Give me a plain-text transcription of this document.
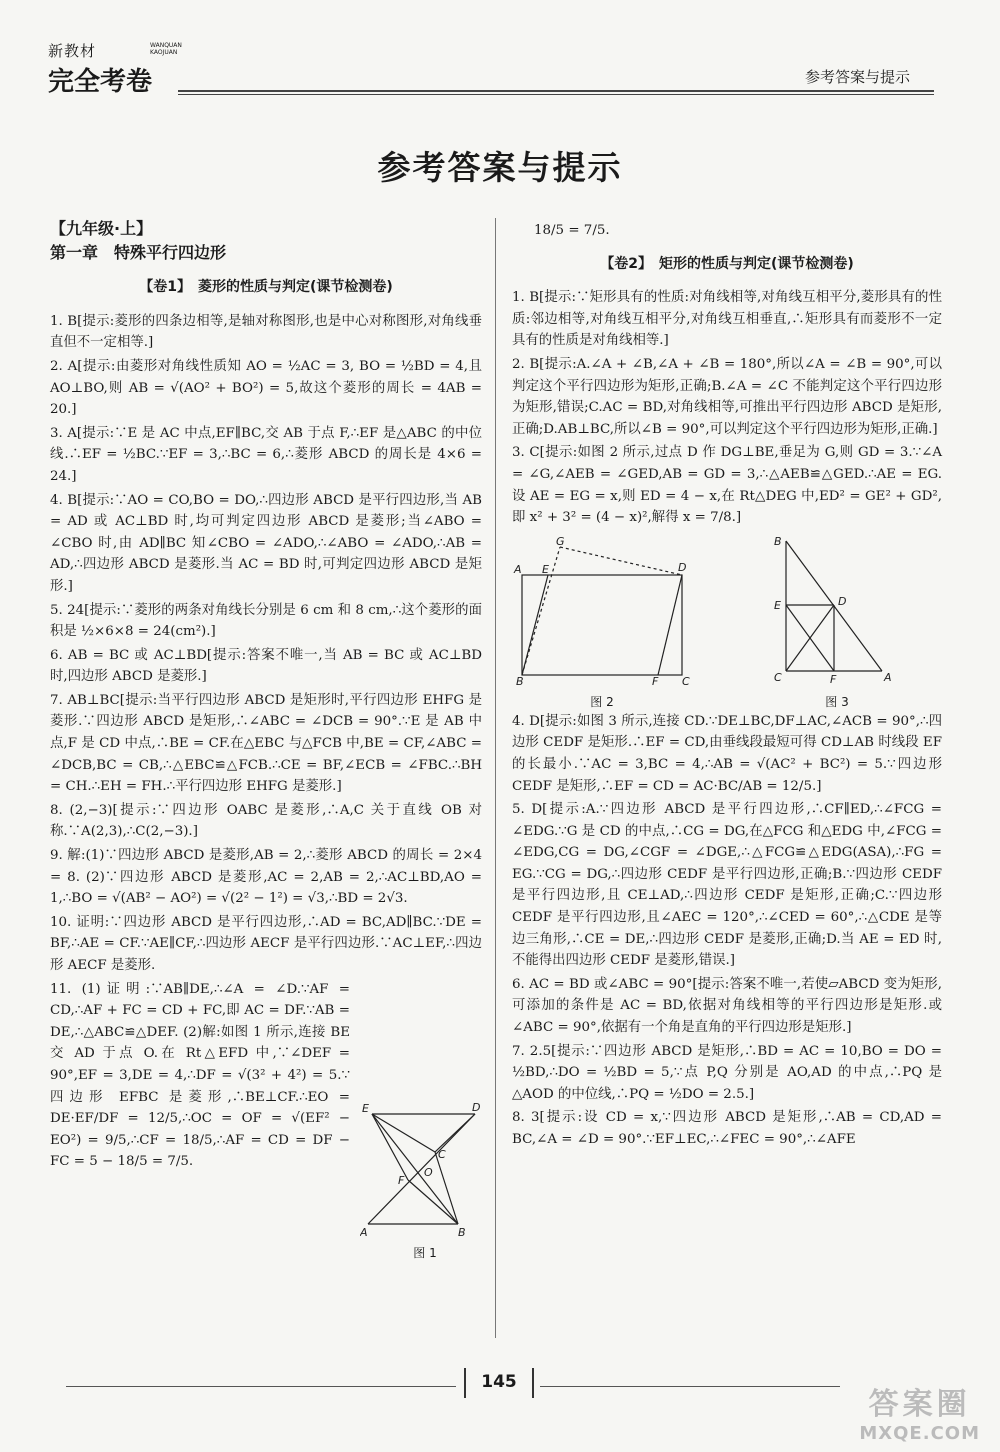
新教材	WANQUAN
KAOJUAN
完全考卷	参考答案与提示
参考答案与提示
【九年级·上】
第一章　特殊平行四边形
【卷1】　菱形的性质与判定(课节检测卷)
1. B[提示:菱形的四条边相等,是轴对称图形,也是中心对称图形,对角线垂直但不一定相等.]
2. A[提示:由菱形对角线性质知 AO = ½AC = 3, BO = ½BD = 4,且 AO⊥BO,则 AB = √(AO² + BO²) = 5,故这个菱形的周长 = 4AB = 20.]
3. A[提示:∵E 是 AC 中点,EF∥BC,交 AB 于点 F,∴EF 是△ABC 的中位线.∴EF = ½BC.∵EF = 3,∴BC = 6,∴菱形 ABCD 的周长是 4×6 = 24.]
4. B[提示:∵AO = CO,BO = DO,∴四边形 ABCD 是平行四边形,当 AB = AD 或 AC⊥BD 时,均可判定四边形 ABCD 是菱形;当∠ABO = ∠CBO 时,由 AD∥BC 知∠CBO = ∠ADO,∴∠ABO = ∠ADO,∴AB = AD,∴四边形 ABCD 是菱形.当 AC = BD 时,可判定四边形 ABCD 是矩形.]
5. 24[提示:∵菱形的两条对角线长分别是 6 cm 和 8 cm,∴这个菱形的面积是 ½×6×8 = 24(cm²).]
6. AB = BC 或 AC⊥BD[提示:答案不唯一,当 AB = BC 或 AC⊥BD 时,四边形 ABCD 是菱形.]
7. AB⊥BC[提示:当平行四边形 ABCD 是矩形时,平行四边形 EHFG 是菱形.∵四边形 ABCD 是矩形,∴∠ABC = ∠DCB = 90°.∵E 是 AB 中点,F 是 CD 中点,∴BE = CF.在△EBC 与△FCB 中,BE = CF,∠ABC = ∠DCB,BC = CB,∴△EBC≌△FCB.∴CE = BF,∠ECB = ∠FBC.∴BH = CH.∴EH = FH.∴平行四边形 EHFG 是菱形.]
8. (2,−3)[提示:∵四边形 OABC 是菱形,∴A,C 关于直线 OB 对称.∵A(2,3),∴C(2,−3).]
9. 解:(1)∵四边形 ABCD 是菱形,AB = 2,∴菱形 ABCD 的周长 = 2×4 = 8. (2)∵四边形 ABCD 是菱形,AC = 2,AB = 2,∴AC⊥BD,AO = 1,∴BO = √(AB² − AO²) = √(2² − 1²) = √3,∴BD = 2√3.
10. 证明:∵四边形 ABCD 是平行四边形,∴AD = BC,AD∥BC.∵DE = BF,∴AE = CF.∵AE∥CF,∴四边形 AECF 是平行四边形.∵AC⊥EF,∴四边形 AECF 是菱形.
11. (1)证明:∵AB∥DE,∴∠A = ∠D.∵AF = CD,∴AF + FC = CD + FC,即 AC = DF.∵AB = DE,∴△ABC≌△DEF. (2)解:如图 1 所示,连接 BE 交 AD 于点 O.在 Rt△EFD 中,∵∠DEF = 90°,EF = 3,DE = 4,∴DF = √(3² + 4²) = 5.∵四边形 EFBC 是菱形,∴BE⊥CF.∴EO = DE·EF/DF = 12/5,∴OC = OF = √(EF² − EO²) = 9/5,∴CF = 18/5,∴AF = CD = DF − FC = 5 − 18/5 = 7/5.
E	D
C
F
O
A	B
图 1
18/5 = 7/5.
【卷2】　矩形的性质与判定(课节检测卷)
1. B[提示:∵矩形具有的性质:对角线相等,对角线互相平分,菱形具有的性质:邻边相等,对角线互相平分,对角线互相垂直,∴矩形具有而菱形不一定具有的性质是对角线相等.]
2. B[提示:A.∠A + ∠B,∠A + ∠B = 180°,所以∠A = ∠B = 90°,可以判定这个平行四边形为矩形,正确;B.∠A = ∠C 不能判定这个平行四边形为矩形,错误;C.AC = BD,对角线相等,可推出平行四边形 ABCD 是矩形,正确;D.AB⊥BC,所以∠B = 90°,可以判定这个平行四边形为矩形,正确.]
3. C[提示:如图 2 所示,过点 D 作 DG⊥BE,垂足为 G,则 GD = 3.∵∠A = ∠G,∠AEB = ∠GED,AB = GD = 3,∴△AEB≌△GED.∴AE = EG.设 AE = EG = x,则 ED = 4 − x,在 Rt△DEG 中,ED² = GE² + GD²,即 x² + 3² = (4 − x)²,解得 x = 7/8.]
G
A E	D
B	F C
图 2
B
E	D
C	F	A
图 3
4. D[提示:如图 3 所示,连接 CD.∵DE⊥BC,DF⊥AC,∠ACB = 90°,∴四边形 CEDF 是矩形.∴EF = CD,由垂线段最短可得 CD⊥AB 时线段 EF 的长最小.∵AC = 3,BC = 4,∴AB = √(AC² + BC²) = 5.∵四边形 CEDF 是矩形,∴EF = CD = AC·BC/AB = 12/5.]
5. D[提示:A.∵四边形 ABCD 是平行四边形,∴CF∥ED,∴∠FCG = ∠EDG.∵G 是 CD 的中点,∴CG = DG,在△FCG 和△EDG 中,∠FCG = ∠EDG,CG = DG,∠CGF = ∠DGE,∴△FCG≌△EDG(ASA),∴FG = EG.∵CG = DG,∴四边形 CEDF 是平行四边形,正确;B.∵四边形 CEDF 是平行四边形,且 CE⊥AD,∴四边形 CEDF 是矩形,正确;C.∵四边形 CEDF 是平行四边形,且∠AEC = 120°,∴∠CED = 60°,∴△CDE 是等边三角形,∴CE = DE,∴四边形 CEDF 是菱形,正确;D.当 AE = ED 时,不能得出四边形 CEDF 是菱形,错误.]
6. AC = BD 或∠ABC = 90°[提示:答案不唯一,若使▱ABCD 变为矩形,可添加的条件是 AC = BD,依据对角线相等的平行四边形是矩形.或∠ABC = 90°,依据有一个角是直角的平行四边形是矩形.]
7. 2.5[提示:∵四边形 ABCD 是矩形,∴BD = AC = 10,BO = DO = ½BD,∴DO = ½BD = 5,∵点 P,Q 分别是 AO,AD 的中点,∴PQ 是△AOD 的中位线,∴PQ = ½DO = 2.5.]
8. 3[提示:设 CD = x,∵四边形 ABCD 是矩形,∴AB = CD,AD = BC,∠A = ∠D = 90°.∵EF⊥EC,∴∠FEC = 90°,∴∠AFE
145
答案圈
MXQE.COM
